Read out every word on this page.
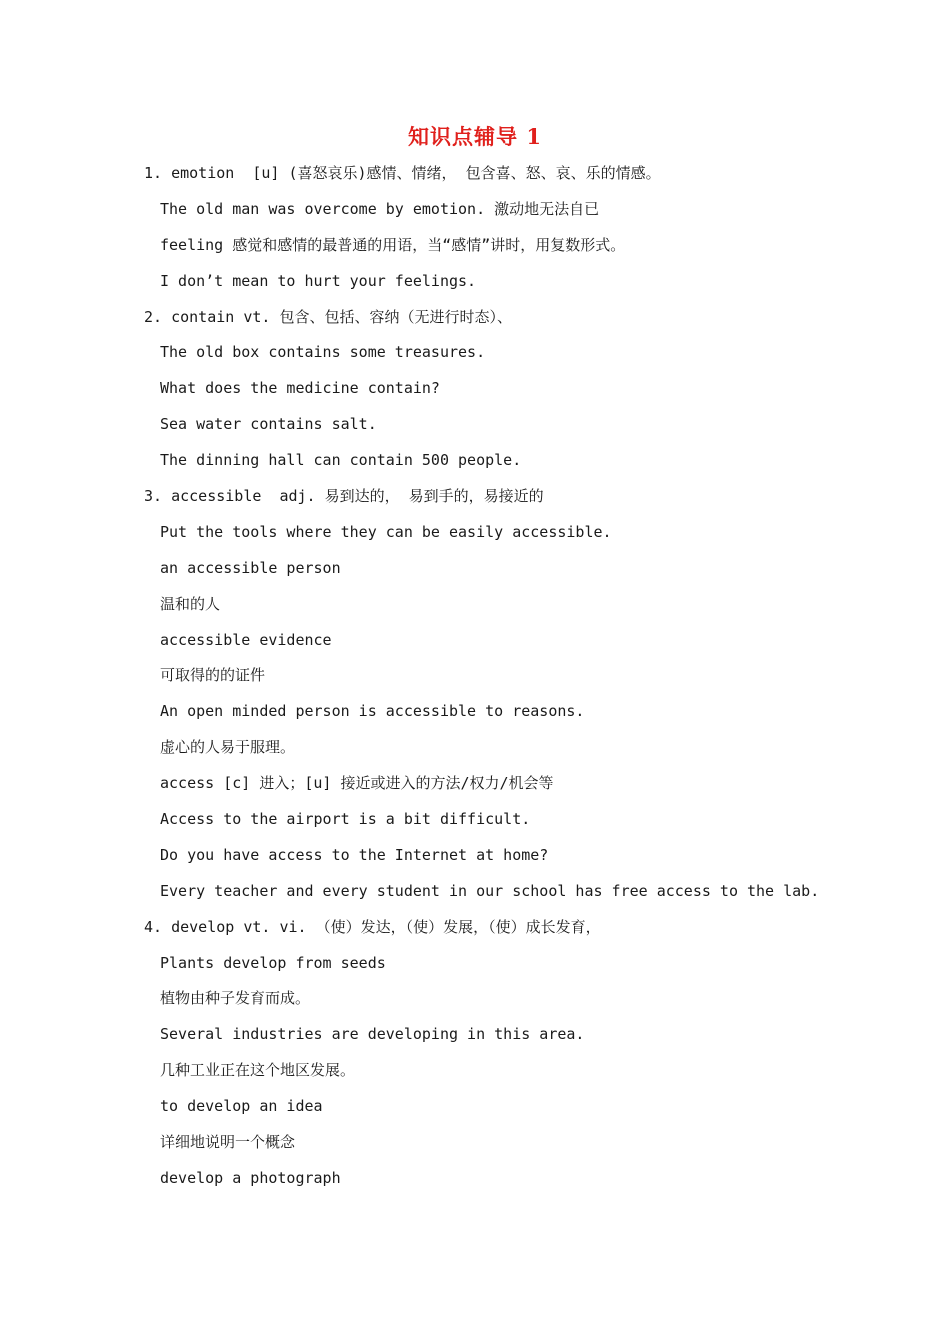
知识点辅导 1
1. emotion  [u] (喜怒哀乐)感情、情绪， 包含喜、怒、哀、乐的情感。
The old man was overcome by emotion. 激动地无法自已
feeling 感觉和感情的最普通的用语，当“感情”讲时，用复数形式。
I don’t mean to hurt your feelings.
2. contain vt. 包含、包括、容纳（无进行时态）、
The old box contains some treasures.
What does the medicine contain?
Sea water contains salt.
The dinning hall can contain 500 people.
3. accessible  adj. 易到达的， 易到手的，易接近的
Put the tools where they can be easily accessible.
an accessible person
温和的人
accessible evidence
可取得的的证件
An open minded person is accessible to reasons.
虚心的人易于服理。
access [c] 进入；[u] 接近或进入的方法/权力/机会等
Access to the airport is a bit difficult.
Do you have access to the Internet at home?
Every teacher and every student in our school has free access to the lab.
4. develop vt. vi. （使）发达，（使）发展，（使）成长发育，
Plants develop from seeds
植物由种子发育而成。
Several industries are developing in this area.
几种工业正在这个地区发展。
to develop an idea
详细地说明一个概念
develop a photograph
